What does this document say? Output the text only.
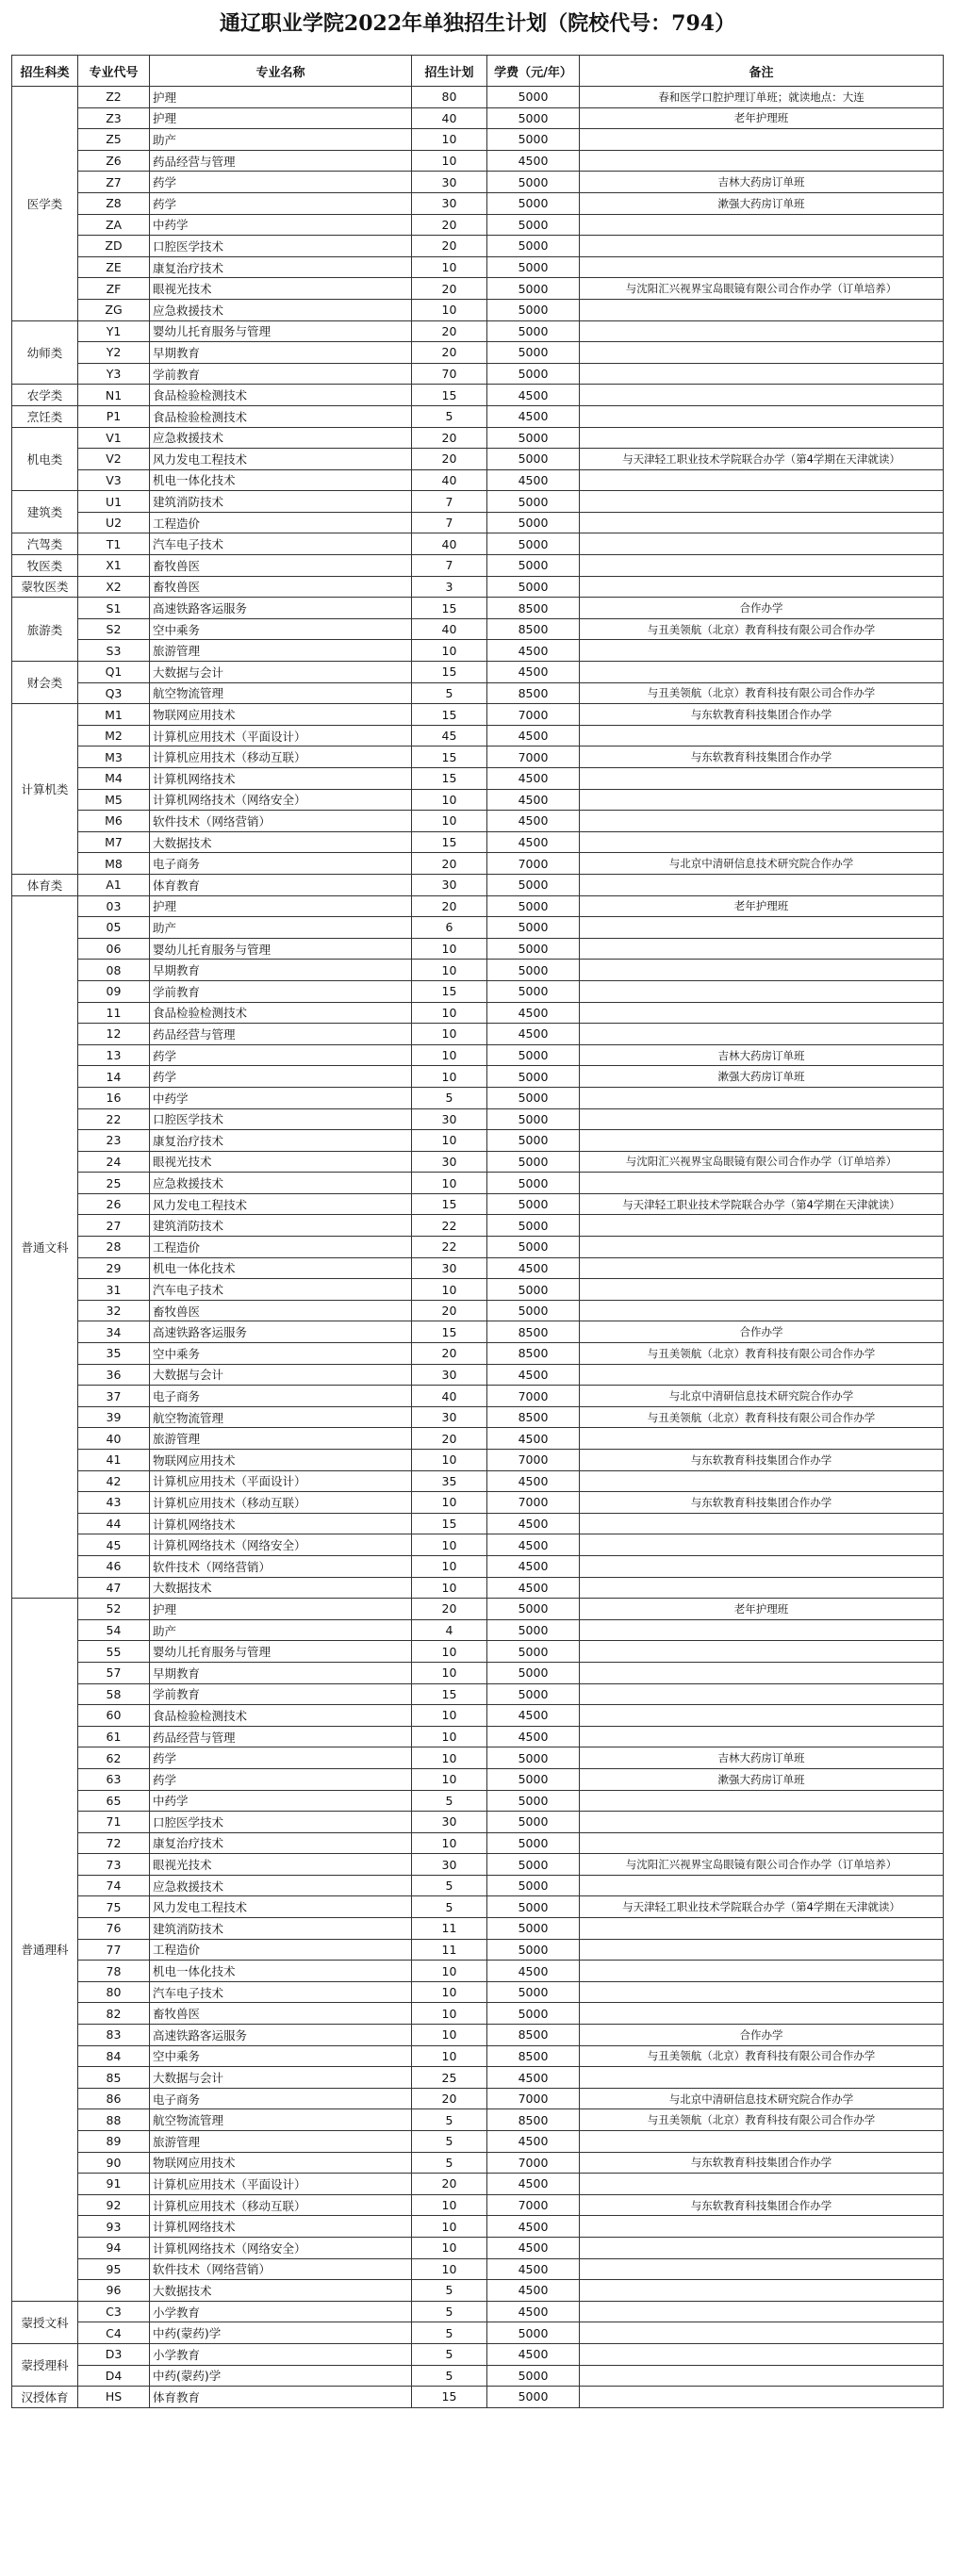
通辽职业学院2022年单独招生计划（院校代号：794）
招生科类	专业代号	专业名称	招生计划	学费（元/年）	备注
医学类	Z2	护理	80	5000	春和医学口腔护理订单班；就读地点：大连
	Z3	护理	40	5000	老年护理班
	Z5	助产	10	5000	
	Z6	药品经营与管理	10	4500	
	Z7	药学	30	5000	吉林大药房订单班
	Z8	药学	30	5000	漱强大药房订单班
	ZA	中药学	20	5000	
	ZD	口腔医学技术	20	5000	
	ZE	康复治疗技术	10	5000	
	ZF	眼视光技术	20	5000	与沈阳汇兴视界宝岛眼镜有限公司合作办学（订单培养）
	ZG	应急救援技术	10	5000	
幼师类	Y1	婴幼儿托育服务与管理	20	5000	
	Y2	早期教育	20	5000	
	Y3	学前教育	70	5000	
农学类	N1	食品检验检测技术	15	4500	
烹饪类	P1	食品检验检测技术	5	4500	
机电类	V1	应急救援技术	20	5000	
	V2	风力发电工程技术	20	5000	与天津轻工职业技术学院联合办学（第4学期在天津就读）
	V3	机电一体化技术	40	4500	
建筑类	U1	建筑消防技术	7	5000	
	U2	工程造价	7	5000	
汽驾类	T1	汽车电子技术	40	5000	
牧医类	X1	畜牧兽医	7	5000	
蒙牧医类	X2	畜牧兽医	3	5000	
旅游类	S1	高速铁路客运服务	15	8500	合作办学
	S2	空中乘务	40	8500	与丑美领航（北京）教育科技有限公司合作办学
	S3	旅游管理	10	4500	
财会类	Q1	大数据与会计	15	4500	
	Q3	航空物流管理	5	8500	与丑美领航（北京）教育科技有限公司合作办学
计算机类	M1	物联网应用技术	15	7000	与东软教育科技集团合作办学
	M2	计算机应用技术（平面设计）	45	4500	
	M3	计算机应用技术（移动互联）	15	7000	与东软教育科技集团合作办学
	M4	计算机网络技术	15	4500	
	M5	计算机网络技术（网络安全）	10	4500	
	M6	软件技术（网络营销）	10	4500	
	M7	大数据技术	15	4500	
	M8	电子商务	20	7000	与北京中清研信息技术研究院合作办学
体育类	A1	体育教育	30	5000	
普通文科	03	护理	20	5000	老年护理班
	05	助产	6	5000	
	06	婴幼儿托育服务与管理	10	5000	
	08	早期教育	10	5000	
	09	学前教育	15	5000	
	11	食品检验检测技术	10	4500	
	12	药品经营与管理	10	4500	
	13	药学	10	5000	吉林大药房订单班
	14	药学	10	5000	漱强大药房订单班
	16	中药学	5	5000	
	22	口腔医学技术	30	5000	
	23	康复治疗技术	10	5000	
	24	眼视光技术	30	5000	与沈阳汇兴视界宝岛眼镜有限公司合作办学（订单培养）
	25	应急救援技术	10	5000	
	26	风力发电工程技术	15	5000	与天津轻工职业技术学院联合办学（第4学期在天津就读）
	27	建筑消防技术	22	5000	
	28	工程造价	22	5000	
	29	机电一体化技术	30	4500	
	31	汽车电子技术	10	5000	
	32	畜牧兽医	20	5000	
	34	高速铁路客运服务	15	8500	合作办学
	35	空中乘务	20	8500	与丑美领航（北京）教育科技有限公司合作办学
	36	大数据与会计	30	4500	
	37	电子商务	40	7000	与北京中清研信息技术研究院合作办学
	39	航空物流管理	30	8500	与丑美领航（北京）教育科技有限公司合作办学
	40	旅游管理	20	4500	
	41	物联网应用技术	10	7000	与东软教育科技集团合作办学
	42	计算机应用技术（平面设计）	35	4500	
	43	计算机应用技术（移动互联）	10	7000	与东软教育科技集团合作办学
	44	计算机网络技术	15	4500	
	45	计算机网络技术（网络安全）	10	4500	
	46	软件技术（网络营销）	10	4500	
	47	大数据技术	10	4500	
普通理科	52	护理	20	5000	老年护理班
	54	助产	4	5000	
	55	婴幼儿托育服务与管理	10	5000	
	57	早期教育	10	5000	
	58	学前教育	15	5000	
	60	食品检验检测技术	10	4500	
	61	药品经营与管理	10	4500	
	62	药学	10	5000	吉林大药房订单班
	63	药学	10	5000	漱强大药房订单班
	65	中药学	5	5000	
	71	口腔医学技术	30	5000	
	72	康复治疗技术	10	5000	
	73	眼视光技术	30	5000	与沈阳汇兴视界宝岛眼镜有限公司合作办学（订单培养）
	74	应急救援技术	5	5000	
	75	风力发电工程技术	5	5000	与天津轻工职业技术学院联合办学（第4学期在天津就读）
	76	建筑消防技术	11	5000	
	77	工程造价	11	5000	
	78	机电一体化技术	10	4500	
	80	汽车电子技术	10	5000	
	82	畜牧兽医	10	5000	
	83	高速铁路客运服务	10	8500	合作办学
	84	空中乘务	10	8500	与丑美领航（北京）教育科技有限公司合作办学
	85	大数据与会计	25	4500	
	86	电子商务	20	7000	与北京中清研信息技术研究院合作办学
	88	航空物流管理	5	8500	与丑美领航（北京）教育科技有限公司合作办学
	89	旅游管理	5	4500	
	90	物联网应用技术	5	7000	与东软教育科技集团合作办学
	91	计算机应用技术（平面设计）	20	4500	
	92	计算机应用技术（移动互联）	10	7000	与东软教育科技集团合作办学
	93	计算机网络技术	10	4500	
	94	计算机网络技术（网络安全）	10	4500	
	95	软件技术（网络营销）	10	4500	
	96	大数据技术	5	4500	
蒙授文科	C3	小学教育	5	4500	
	C4	中药(蒙药)学	5	5000	
蒙授理科	D3	小学教育	5	4500	
	D4	中药(蒙药)学	5	5000	
汉授体育	HS	体育教育	15	5000	
